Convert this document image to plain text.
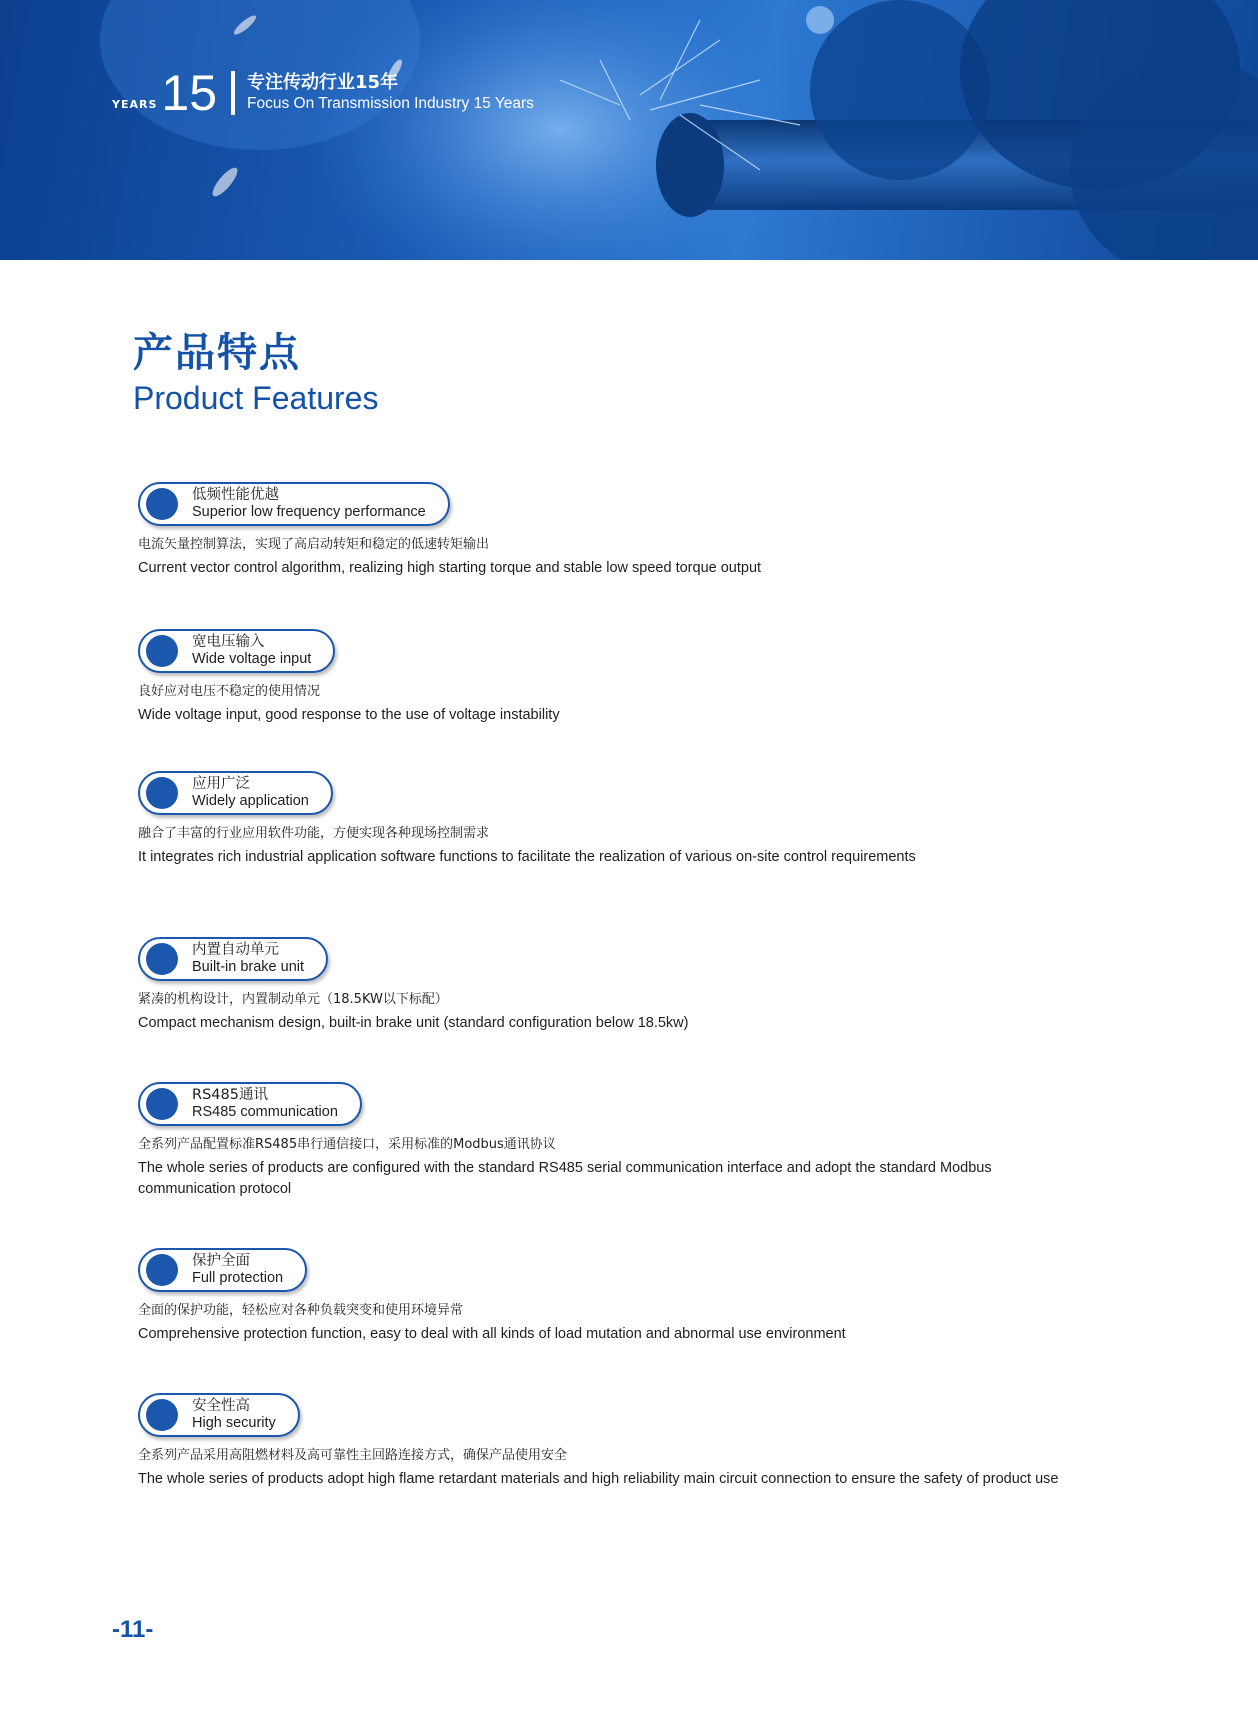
YEARS 15 专注传动行业15年
Focus On Transmission Industry 15 Years
产品特点
Product Features
低频性能优越
Superior low frequency performance
电流矢量控制算法，实现了高启动转矩和稳定的低速转矩输出
Current vector control algorithm, realizing high starting torque and stable low speed torque output
宽电压输入
Wide voltage input
良好应对电压不稳定的使用情况
Wide voltage input, good response to the use of voltage instability
应用广泛
Widely application
融合了丰富的行业应用软件功能，方便实现各种现场控制需求
It integrates rich industrial application software functions to facilitate the realization of various on-site control requirements
内置自动单元
Built-in brake unit
紧凑的机构设计，内置制动单元（18.5KW以下标配）
Compact mechanism design, built-in brake unit (standard configuration below 18.5kw)
RS485通讯
RS485 communication
全系列产品配置标准RS485串行通信接口，采用标准的Modbus通讯协议
The whole series of products are configured with the standard RS485 serial communication interface and adopt the standard Modbus communication protocol
保护全面
Full protection
全面的保护功能，轻松应对各种负载突变和使用环境异常
Comprehensive protection function, easy to deal with all kinds of load mutation and abnormal use environment
安全性高
High security
全系列产品采用高阻燃材料及高可靠性主回路连接方式，确保产品使用安全
The whole series of products adopt high flame retardant materials and high reliability main circuit connection to ensure the safety of product use
-11-
